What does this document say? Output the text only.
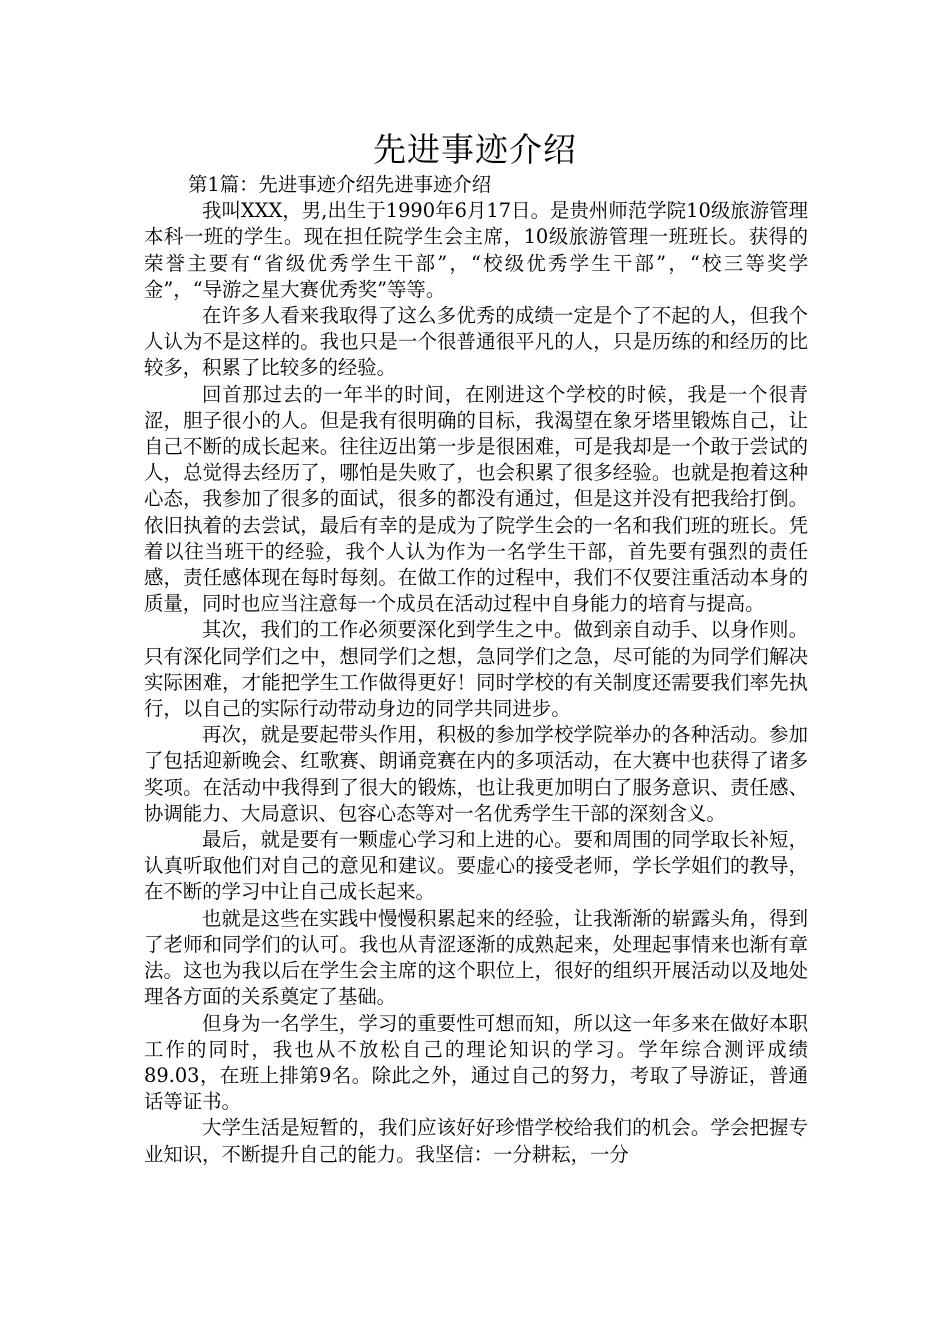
先进事迹介绍

第1篇：先进事迹介绍先进事迹介绍

我叫XXX，男,出生于1990年6月17日。是贵州师范学院10级旅游管理本科一班的学生。现在担任院学生会主席，10级旅游管理一班班长。获得的荣誉主要有“省级优秀学生干部”，“校级优秀学生干部”，“校三等奖学金”，“导游之星大赛优秀奖”等等。

在许多人看来我取得了这么多优秀的成绩一定是个了不起的人，但我个人认为不是这样的。我也只是一个很普通很平凡的人，只是历练的和经历的比较多，积累了比较多的经验。

回首那过去的一年半的时间，在刚进这个学校的时候，我是一个很青涩，胆子很小的人。但是我有很明确的目标，我渴望在象牙塔里锻炼自己，让自己不断的成长起来。往往迈出第一步是很困难，可是我却是一个敢于尝试的人，总觉得去经历了，哪怕是失败了，也会积累了很多经验。也就是抱着这种心态，我参加了很多的面试，很多的都没有通过，但是这并没有把我给打倒。依旧执着的去尝试，最后有幸的是成为了院学生会的一名和我们班的班长。凭着以往当班干的经验，我个人认为作为一名学生干部，首先要有强烈的责任感，责任感体现在每时每刻。在做工作的过程中，我们不仅要注重活动本身的质量，同时也应当注意每一个成员在活动过程中自身能力的培育与提高。

其次，我们的工作必须要深化到学生之中。做到亲自动手、以身作则。只有深化同学们之中，想同学们之想，急同学们之急，尽可能的为同学们解决实际困难，才能把学生工作做得更好！同时学校的有关制度还需要我们率先执行，以自己的实际行动带动身边的同学共同进步。

再次，就是要起带头作用，积极的参加学校学院举办的各种活动。参加了包括迎新晚会、红歌赛、朗诵竞赛在内的多项活动，在大赛中也获得了诸多奖项。在活动中我得到了很大的锻炼，也让我更加明白了服务意识、责任感、协调能力、大局意识、包容心态等对一名优秀学生干部的深刻含义。

最后，就是要有一颗虚心学习和上进的心。要和周围的同学取长补短，认真听取他们对自己的意见和建议。要虚心的接受老师，学长学姐们的教导，在不断的学习中让自己成长起来。

也就是这些在实践中慢慢积累起来的经验，让我渐渐的崭露头角，得到了老师和同学们的认可。我也从青涩逐渐的成熟起来，处理起事情来也渐有章法。这也为我以后在学生会主席的这个职位上，很好的组织开展活动以及地处理各方面的关系奠定了基础。

但身为一名学生，学习的重要性可想而知，所以这一年多来在做好本职工作的同时，我也从不放松自己的理论知识的学习。学年综合测评成绩89.03，在班上排第9名。除此之外，通过自己的努力，考取了导游证，普通话等证书。

大学生活是短暂的，我们应该好好珍惜学校给我们的机会。学会把握专业知识，不断提升自己的能力。我坚信：一分耕耘，一分
